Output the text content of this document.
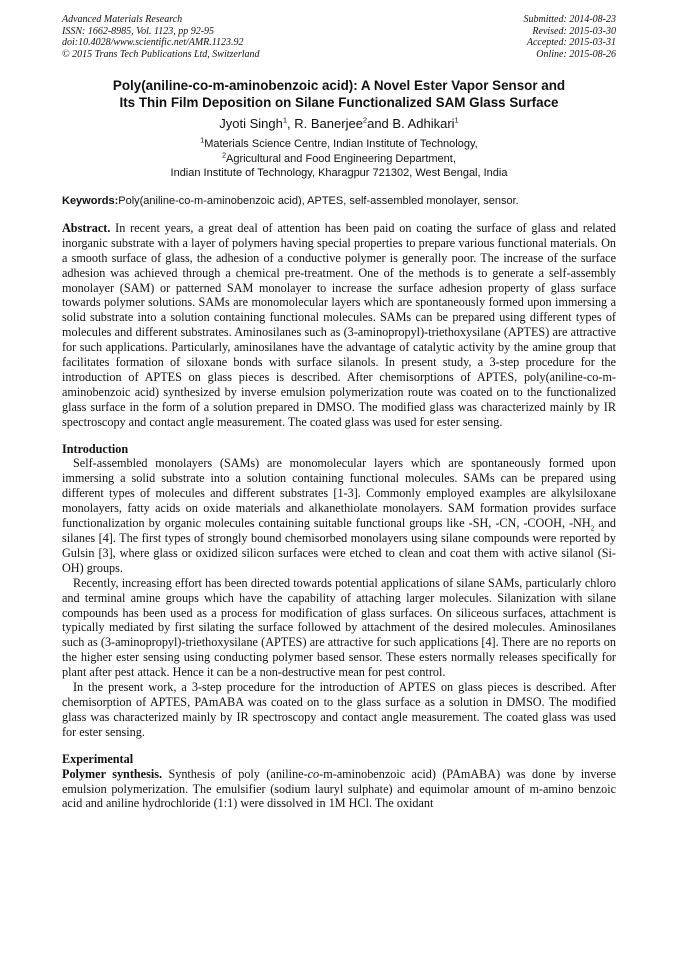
Advanced Materials Research
ISSN: 1662-8985, Vol. 1123, pp 92-95
doi:10.4028/www.scientific.net/AMR.1123.92
© 2015 Trans Tech Publications Ltd, Switzerland
Submitted: 2014-08-23
Revised: 2015-03-30
Accepted: 2015-03-31
Online: 2015-08-26
Poly(aniline-co-m-aminobenzoic acid): A Novel Ester Vapor Sensor and
Its Thin Film Deposition on Silane Functionalized SAM Glass Surface
Jyoti Singh$^1$, R. Banerjee$^2$and B. Adhikari$^1$
$^1$Materials Science Centre, Indian Institute of Technology,
$^2$Agricultural and Food Engineering Department,
Indian Institute of Technology, Kharagpur 721302, West Bengal, India
Keywords:Poly(aniline-co-m-aminobenzoic acid), APTES, self-assembled monolayer, sensor.
Abstract. In recent years, a great deal of attention has been paid on coating the surface of glass and related inorganic substrate with a layer of polymers having special properties to prepare various functional materials. On a smooth surface of glass, the adhesion of a conductive polymer is generally poor. The increase of the surface adhesion was achieved through a chemical pre-treatment. One of the methods is to generate a self-assembly monolayer (SAM) or patterned SAM monolayer to increase the surface adhesion property of glass surface towards polymer solutions. SAMs are monomolecular layers which are spontaneously formed upon immersing a solid substrate into a solution containing functional molecules. SAMs can be prepared using different types of molecules and different substrates. Aminosilanes such as (3-aminopropyl)-triethoxysilane (APTES) are attractive for such applications. Particularly, aminosilanes have the advantage of catalytic activity by the amine group that facilitates formation of siloxane bonds with surface silanols. In present study, a 3-step procedure for the introduction of APTES on glass pieces is described. After chemisorptions of APTES, poly(aniline-co-m-aminobenzoic acid) synthesized by inverse emulsion polymerization route was coated on to the functionalized glass surface in the form of a solution prepared in DMSO. The modified glass was characterized mainly by IR spectroscopy and contact angle measurement. The coated glass was used for ester sensing.
Introduction

Self-assembled monolayers (SAMs) are monomolecular layers which are spontaneously formed upon immersing a solid substrate into a solution containing functional molecules. SAMs can be prepared using different types of molecules and different substrates [1-3]. Commonly employed examples are alkylsiloxane monolayers, fatty acids on oxide materials and alkanethiolate monolayers. SAM formation provides surface functionalization by organic molecules containing suitable functional groups like -SH, -CN, -COOH, $-NH_2$ and silanes [4]. The first types of strongly bound chemisorbed monolayers using silane compounds were reported by Gulsin [3], where glass or oxidized silicon surfaces were etched to clean and coat them with active silanol (Si-OH) groups.

Recently, increasing effort has been directed towards potential applications of silane SAMs, particularly chloro and terminal amine groups which have the capability of attaching larger molecules. Silanization with silane compounds has been used as a process for modification of glass surfaces. On siliceous surfaces, attachment is typically mediated by first silating the surface followed by attachment of the desired molecules. Aminosilanes such as (3-aminopropyl)-triethoxysilane (APTES) are attractive for such applications [4]. There are no reports on the higher ester sensing using conducting polymer based sensor. These esters normally releases specifically for plant after pest attack. Hence it can be a non-destructive mean for pest control.

In the present work, a 3-step procedure for the introduction of APTES on glass pieces is described. After chemisorption of APTES, PAmABA was coated on to the glass surface as a solution in DMSO. The modified glass was characterized mainly by IR spectroscopy and contact angle measurement. The coated glass was used for ester sensing.

Experimental
Polymer synthesis. Synthesis of poly (aniline-co-m-aminobenzoic acid) (PAmABA) was done by inverse emulsion polymerization. The emulsifier (sodium lauryl sulphate) and equimolar amount of m-amino benzoic acid and aniline hydrochloride (1:1) were dissolved in 1M HCl. The oxidant
